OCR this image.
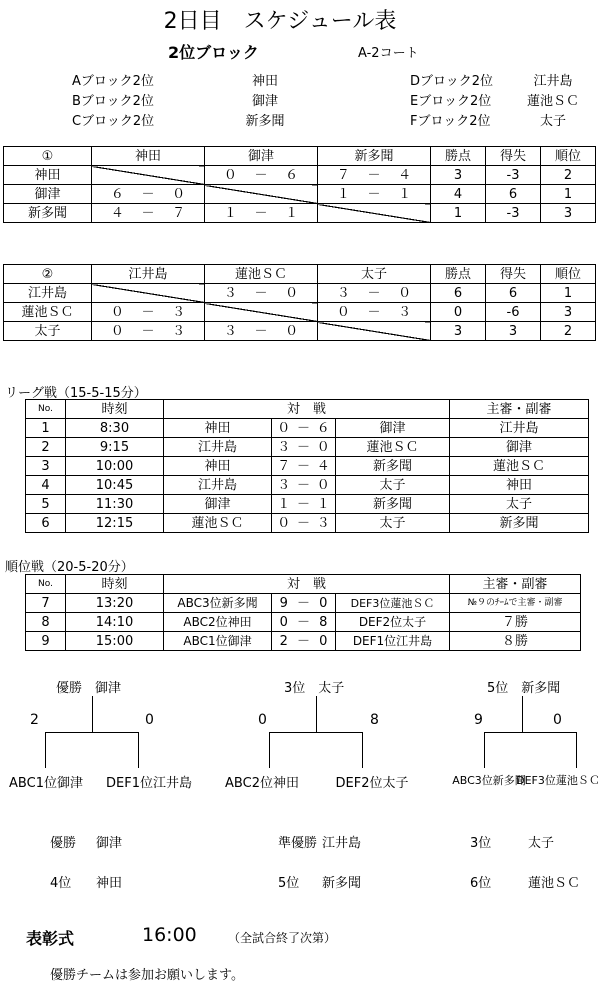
2日目　スケジュール表
2位ブロック	A-2コート
Aブロック2位	神田	Dブロック2位	江井島
Bブロック2位	御津	Eブロック2位	蓮池ＳＣ
Cブロック2位	新多聞	Fブロック2位	太子
①	神田	御津	新多聞	勝点	得失	順位
神田		０ － ６	７ － ４	3	-3	2
御津	６ － ０		１ － １	4	6	1
新多聞	４ － ７	１ － １		1	-3	3
②	江井島	蓮池ＳＣ	太子	勝点	得失	順位
江井島		３ － ０	３ － ０	6	6	1
蓮池ＳＣ	０ － ３		０ － ３	0	-6	3
太子	０ － ３	３ － ０		3	3	2
リーグ戦（15-5-15分）
No.	時刻	対　戦					主審・副審
1	8:30	神田	０	－	６	御津	江井島
2	9:15	江井島	３	－	０	蓮池ＳＣ	御津
3	10:00	神田	７	－	４	新多聞	蓮池ＳＣ
4	10:45	江井島	３	－	０	太子	神田
5	11:30	御津	１	－	１	新多聞	太子
6	12:15	蓮池ＳＣ	０	－	３	太子	新多聞
順位戦（20-5-20分）
No.	時刻	対　戦					主審・副審
7	13:20	ABC3位新多聞	9	－	0	DEF3位蓮池ＳＣ	№９のﾁｰﾑで主審・副審
8	14:10	ABC2位神田	0	－	8	DEF2位太子	７勝
9	15:00	ABC1位御津	2	－	0	DEF1位江井島	８勝
優勝　御津
2	0
ABC1位御津	DEF1位江井島
3位　太子
0	8
ABC2位神田	DEF2位太子
5位　新多聞
9	0
ABC3位新多聞
DEF3位蓮池ＳＣ
優勝 御津	準優勝 江井島	3位	太子
4位 神田	5位 新多聞	6位	蓮池ＳＣ
表彰式	16:00	（全試合終了次第）
優勝チームは参加お願いします。
